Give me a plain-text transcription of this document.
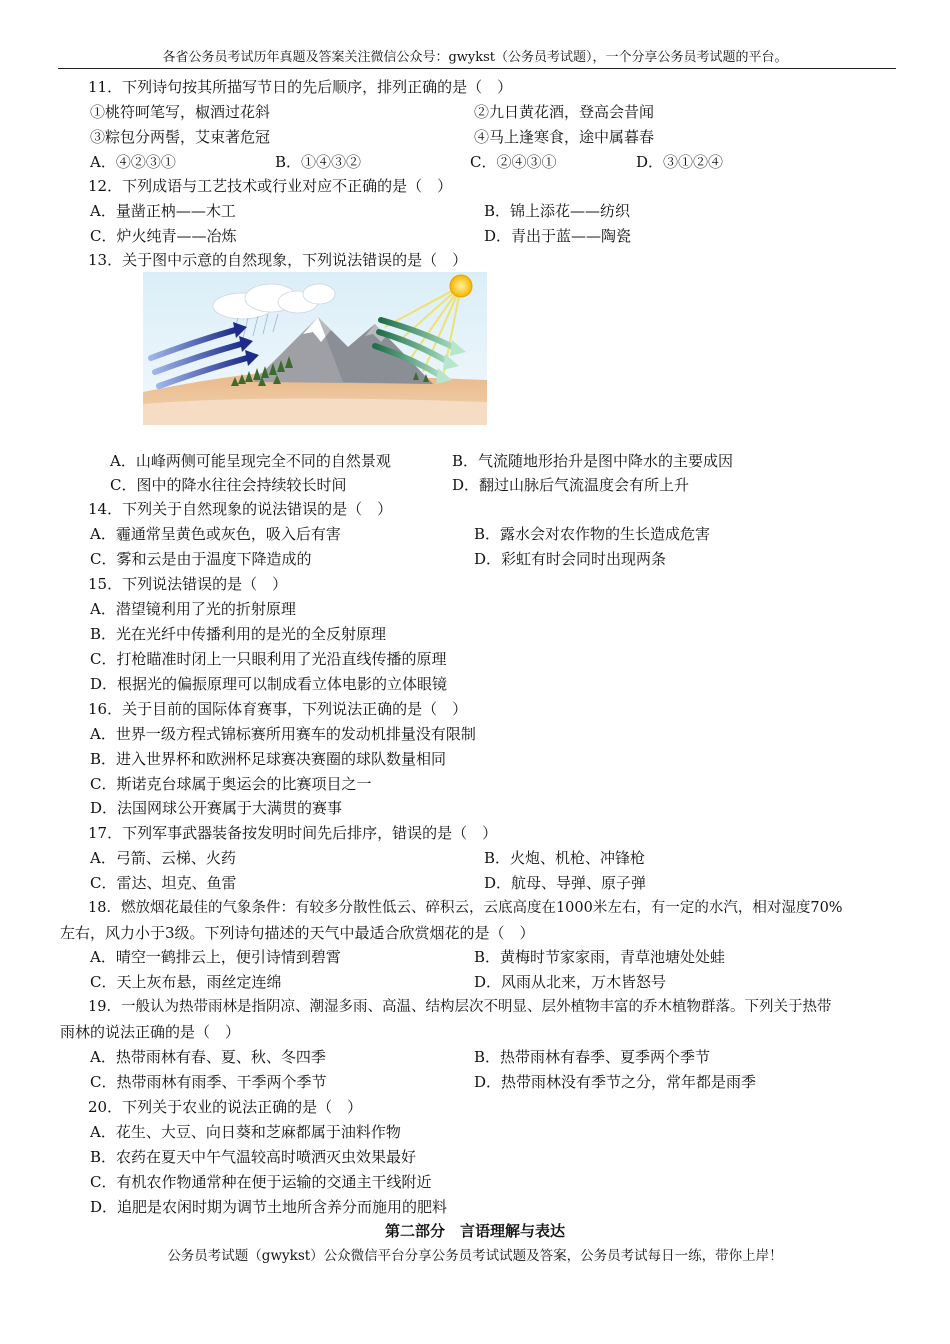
各省公务员考试历年真题及答案关注微信公众号：gwykst（公务员考试题），一个分享公务员考试题的平台。
11．下列诗句按其所描写节日的先后顺序，排列正确的是（　）
①桃符呵笔写，椒酒过花斜	②九日黄花酒，登高会昔闻
③粽包分两髻，艾束著危冠	④马上逢寒食，途中属暮春
A．④②③①	B．①④③②	C．②④③①	D．③①②④
12．下列成语与工艺技术或行业对应不正确的是（　）
A．量凿正枘——木工	B．锦上添花——纺织
C．炉火纯青——冶炼	D．青出于蓝——陶瓷
13．关于图中示意的自然现象，下列说法错误的是（　）
A．山峰两侧可能呈现完全不同的自然景观	B．气流随地形抬升是图中降水的主要成因
C．图中的降水往往会持续较长时间	D．翻过山脉后气流温度会有所上升
14．下列关于自然现象的说法错误的是（　）
A．霾通常呈黄色或灰色，吸入后有害	B．露水会对农作物的生长造成危害
C．雾和云是由于温度下降造成的	D．彩虹有时会同时出现两条
15．下列说法错误的是（　）
A．潜望镜利用了光的折射原理
B．光在光纤中传播利用的是光的全反射原理
C．打枪瞄准时闭上一只眼利用了光沿直线传播的原理
D．根据光的偏振原理可以制成看立体电影的立体眼镜
16．关于目前的国际体育赛事，下列说法正确的是（　）
A．世界一级方程式锦标赛所用赛车的发动机排量没有限制
B．进入世界杯和欧洲杯足球赛决赛圈的球队数量相同
C．斯诺克台球属于奥运会的比赛项目之一
D．法国网球公开赛属于大满贯的赛事
17．下列军事武器装备按发明时间先后排序，错误的是（　）
A．弓箭、云梯、火药	B．火炮、机枪、冲锋枪
C．雷达、坦克、鱼雷	D．航母、导弹、原子弹
18．燃放烟花最佳的气象条件：有较多分散性低云、碎积云，云底高度在1000米左右，有一定的水汽，相对湿度70%
左右，风力小于3级。下列诗句描述的天气中最适合欣赏烟花的是（　）
A．晴空一鹤排云上，便引诗情到碧霄	B．黄梅时节家家雨，青草池塘处处蛙
C．天上灰布悬，雨丝定连绵	D．风雨从北来，万木皆怒号
19．一般认为热带雨林是指阴凉、潮湿多雨、高温、结构层次不明显、层外植物丰富的乔木植物群落。下列关于热带
雨林的说法正确的是（　）
A．热带雨林有春、夏、秋、冬四季	B．热带雨林有春季、夏季两个季节
C．热带雨林有雨季、干季两个季节	D．热带雨林没有季节之分，常年都是雨季
20．下列关于农业的说法正确的是（　）
A．花生、大豆、向日葵和芝麻都属于油料作物
B．农药在夏天中午气温较高时喷洒灭虫效果最好
C．有机农作物通常种在便于运输的交通主干线附近
D．追肥是农闲时期为调节土地所含养分而施用的肥料
第二部分　言语理解与表达
公务员考试题（gwykst）公众微信平台分享公务员考试试题及答案，公务员考试每日一练，带你上岸！
